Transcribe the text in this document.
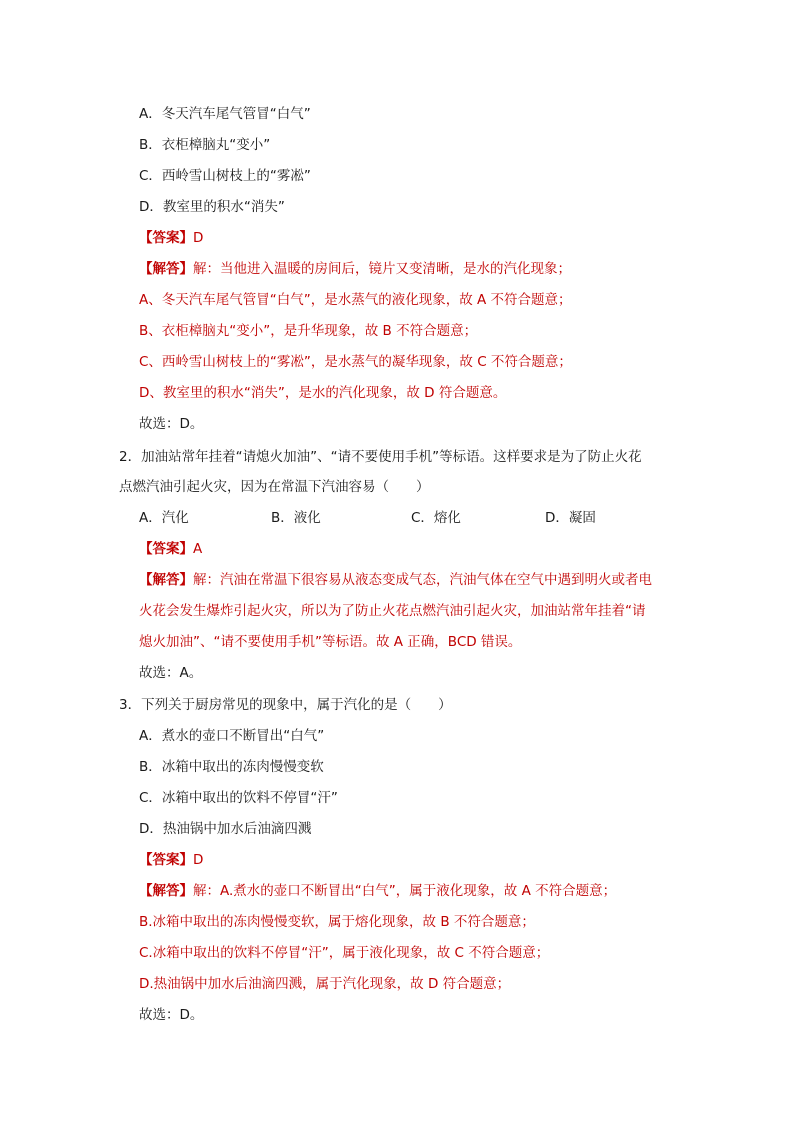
A．冬天汽车尾气管冒“白气”
B．衣柜樟脑丸“变小”
C．西岭雪山树枝上的“雾凇”
D．教室里的积水“消失”
【答案】D
【解答】解：当他进入温暖的房间后，镜片又变清晰，是水的汽化现象；
A、冬天汽车尾气管冒“白气”，是水蒸气的液化现象，故 A 不符合题意；
B、衣柜樟脑丸“变小”，是升华现象，故 B 不符合题意；
C、西岭雪山树枝上的“雾凇”，是水蒸气的凝华现象，故 C 不符合题意；
D、教室里的积水“消失”，是水的汽化现象，故 D 符合题意。
故选：D。
2．加油站常年挂着“请熄火加油”、“请不要使用手机”等标语。这样要求是为了防止火花
点燃汽油引起火灾，因为在常温下汽油容易（　　）
A．汽化	B．液化	C．熔化	D．凝固
【答案】A
【解答】解：汽油在常温下很容易从液态变成气态，汽油气体在空气中遇到明火或者电
火花会发生爆炸引起火灾，所以为了防止火花点燃汽油引起火灾，加油站常年挂着“请
熄火加油”、“请不要使用手机”等标语。故 A 正确，BCD 错误。
故选：A。
3．下列关于厨房常见的现象中，属于汽化的是（　　）
A．煮水的壶口不断冒出“白气”
B．冰箱中取出的冻肉慢慢变软
C．冰箱中取出的饮料不停冒“汗”
D．热油锅中加水后油滴四溅
【答案】D
【解答】解：A.煮水的壶口不断冒出“白气”，属于液化现象，故 A 不符合题意；
B.冰箱中取出的冻肉慢慢变软，属于熔化现象，故 B 不符合题意；
C.冰箱中取出的饮料不停冒“汗”，属于液化现象，故 C 不符合题意；
D.热油锅中加水后油滴四溅，属于汽化现象，故 D 符合题意；
故选：D。
